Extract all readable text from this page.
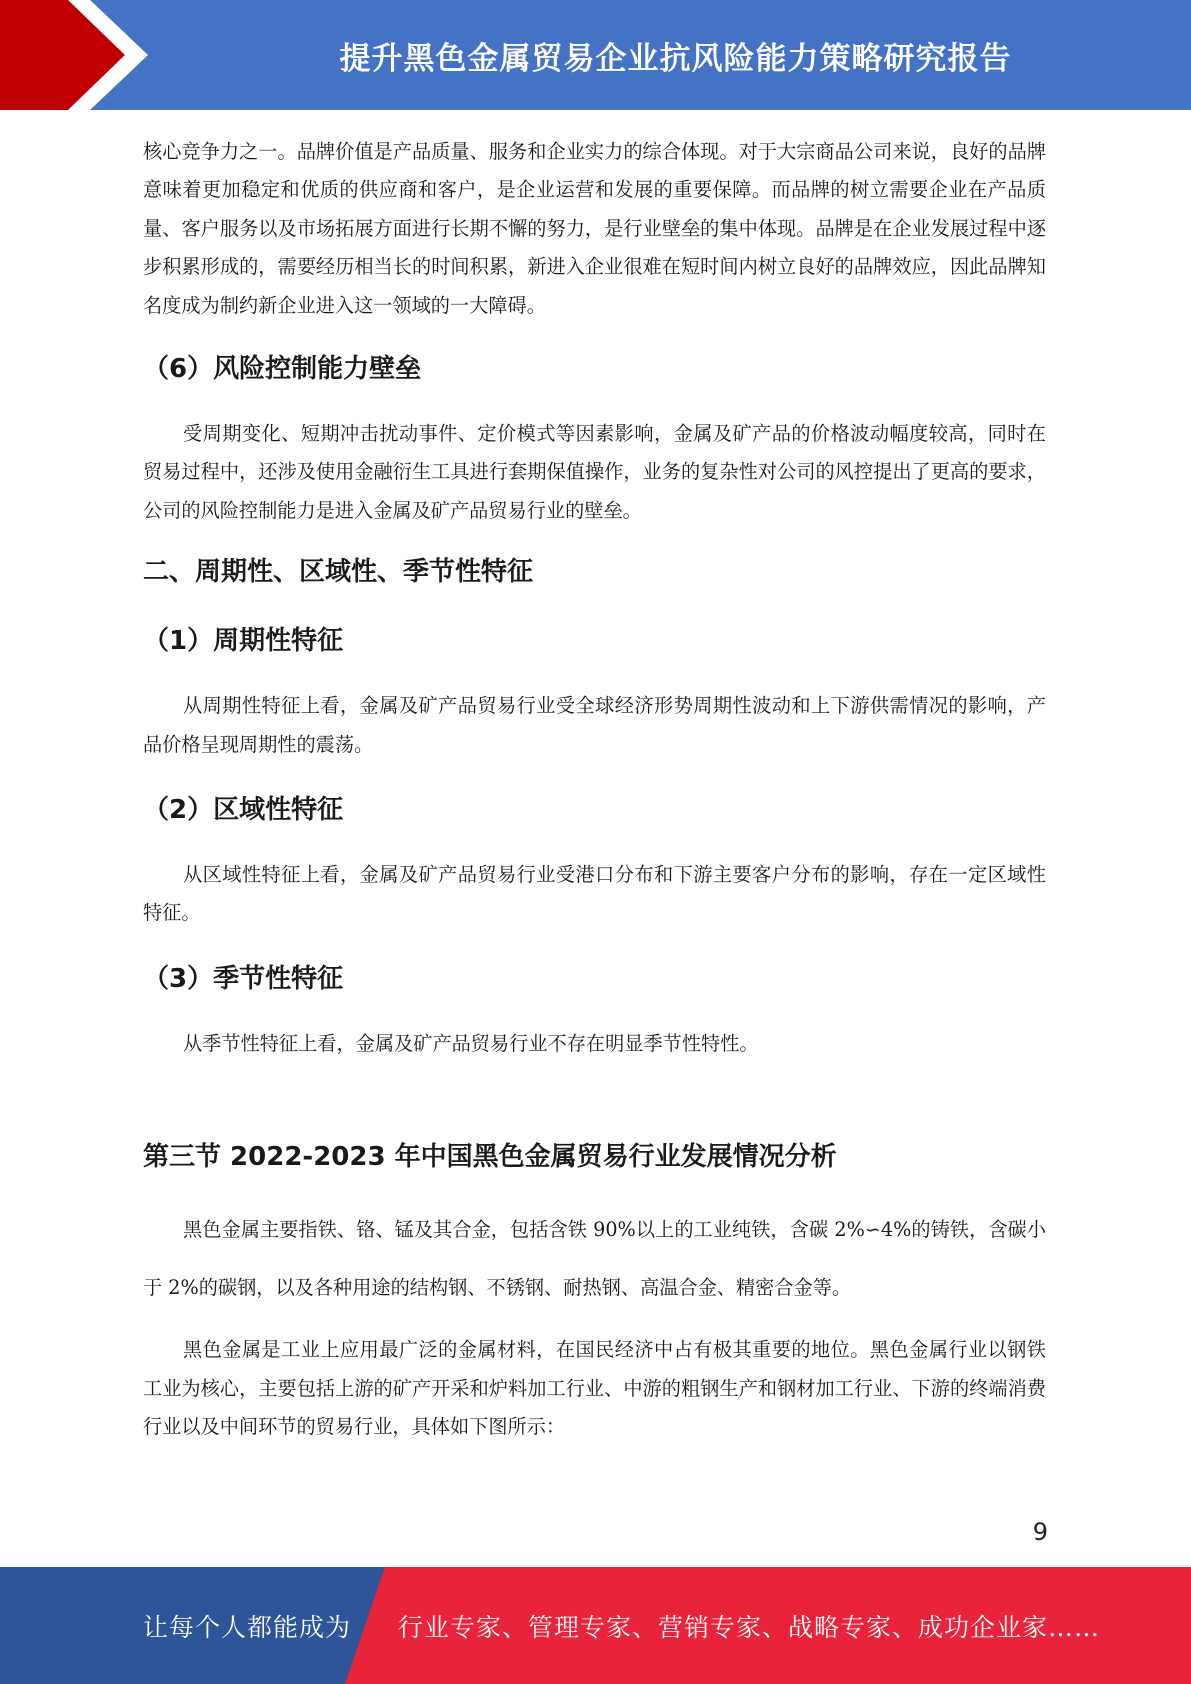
提升黑色金属贸易企业抗风险能力策略研究报告

核心竞争力之一。品牌价值是产品质量、服务和企业实力的综合体现。对于大宗商品公司来说，良好的品牌意味着更加稳定和优质的供应商和客户，是企业运营和发展的重要保障。而品牌的树立需要企业在产品质量、客户服务以及市场拓展方面进行长期不懈的努力，是行业壁垒的集中体现。品牌是在企业发展过程中逐步积累形成的，需要经历相当长的时间积累，新进入企业很难在短时间内树立良好的品牌效应，因此品牌知名度成为制约新企业进入这一领域的一大障碍。

（6）风险控制能力壁垒

受周期变化、短期冲击扰动事件、定价模式等因素影响，金属及矿产品的价格波动幅度较高，同时在贸易过程中，还涉及使用金融衍生工具进行套期保值操作，业务的复杂性对公司的风控提出了更高的要求，公司的风险控制能力是进入金属及矿产品贸易行业的壁垒。

二、周期性、区域性、季节性特征
（1）周期性特征

从周期性特征上看，金属及矿产品贸易行业受全球经济形势周期性波动和上下游供需情况的影响，产品价格呈现周期性的震荡。

（2）区域性特征

从区域性特征上看，金属及矿产品贸易行业受港口分布和下游主要客户分布的影响，存在一定区域性特征。

（3）季节性特征

从季节性特征上看，金属及矿产品贸易行业不存在明显季节性特性。

第三节 2022-2023 年中国黑色金属贸易行业发展情况分析

黑色金属主要指铁、铬、锰及其合金，包括含铁 90%以上的工业纯铁，含碳 2%∽4%的铸铁，含碳小于 2%的碳钢，以及各种用途的结构钢、不锈钢、耐热钢、高温合金、精密合金等。

黑色金属是工业上应用最广泛的金属材料，在国民经济中占有极其重要的地位。黑色金属行业以钢铁工业为核心，主要包括上游的矿产开采和炉料加工行业、中游的粗钢生产和钢材加工行业、下游的终端消费行业以及中间环节的贸易行业，具体如下图所示：

9
让每个人都能成为 行业专家、管理专家、营销专家、战略专家、成功企业家……
